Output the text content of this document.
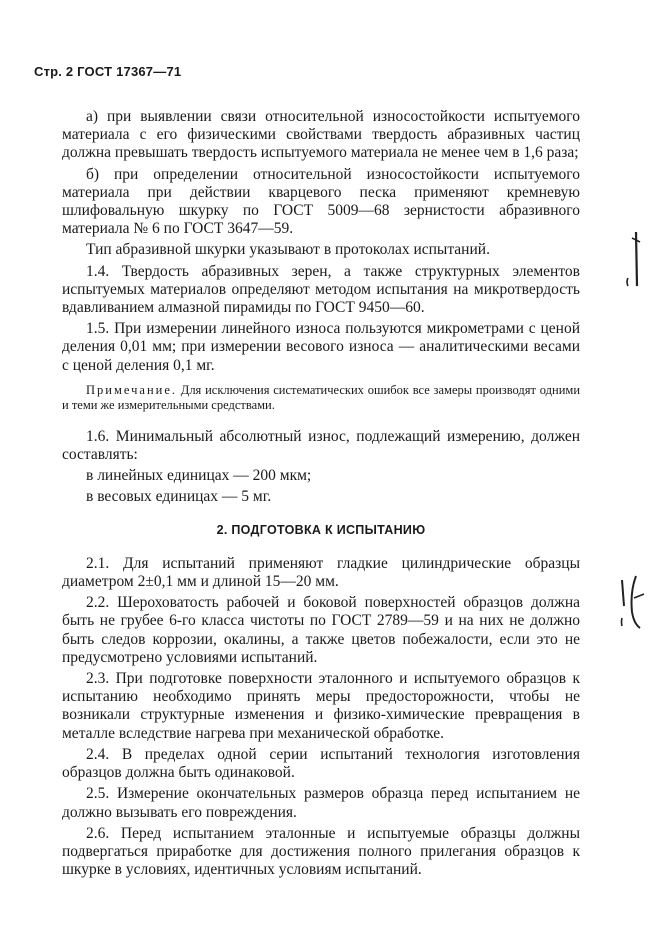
Стр. 2 ГОСТ 17367—71

а) при выявлении связи относительной износостойкости испытуемого материала с его физическими свойствами твердость абразивных частиц должна превышать твердость испытуемого материала не менее чем в 1,6 раза;

б) при определении относительной износостойкости испытуемого материала при действии кварцевого песка применяют кремневую шлифовальную шкурку по ГОСТ 5009—68 зернистости абразивного материала № 6 по ГОСТ 3647—59.

Тип абразивной шкурки указывают в протоколах испытаний.

1.4. Твердость абразивных зерен, а также структурных элементов испытуемых материалов определяют методом испытания на микротвердость вдавливанием алмазной пирамиды по ГОСТ 9450—60.

1.5. При измерении линейного износа пользуются микрометрами с ценой деления 0,01 мм; при измерении весового износа — аналитическими весами с ценой деления 0,1 мг.

Примечание. Для исключения систематических ошибок все замеры производят одними и теми же измерительными средствами.

1.6. Минимальный абсолютный износ, подлежащий измерению, должен составлять:

в линейных единицах — 200 мкм;

в весовых единицах — 5 мг.

2. ПОДГОТОВКА К ИСПЫТАНИЮ

2.1. Для испытаний применяют гладкие цилиндрические образцы диаметром 2±0,1 мм и длиной 15—20 мм.

2.2. Шероховатость рабочей и боковой поверхностей образцов должна быть не грубее 6-го класса чистоты по ГОСТ 2789—59 и на них не должно быть следов коррозии, окалины, а также цветов побежалости, если это не предусмотрено условиями испытаний.

2.3. При подготовке поверхности эталонного и испытуемого образцов к испытанию необходимо принять меры предосторожности, чтобы не возникали структурные изменения и физико-химические превращения в металле вследствие нагрева при механической обработке.

2.4. В пределах одной серии испытаний технология изготовления образцов должна быть одинаковой.

2.5. Измерение окончательных размеров образца перед испытанием не должно вызывать его повреждения.

2.6. Перед испытанием эталонные и испытуемые образцы должны подвергаться приработке для достижения полного прилегания образцов к шкурке в условиях, идентичных условиям испытаний.
